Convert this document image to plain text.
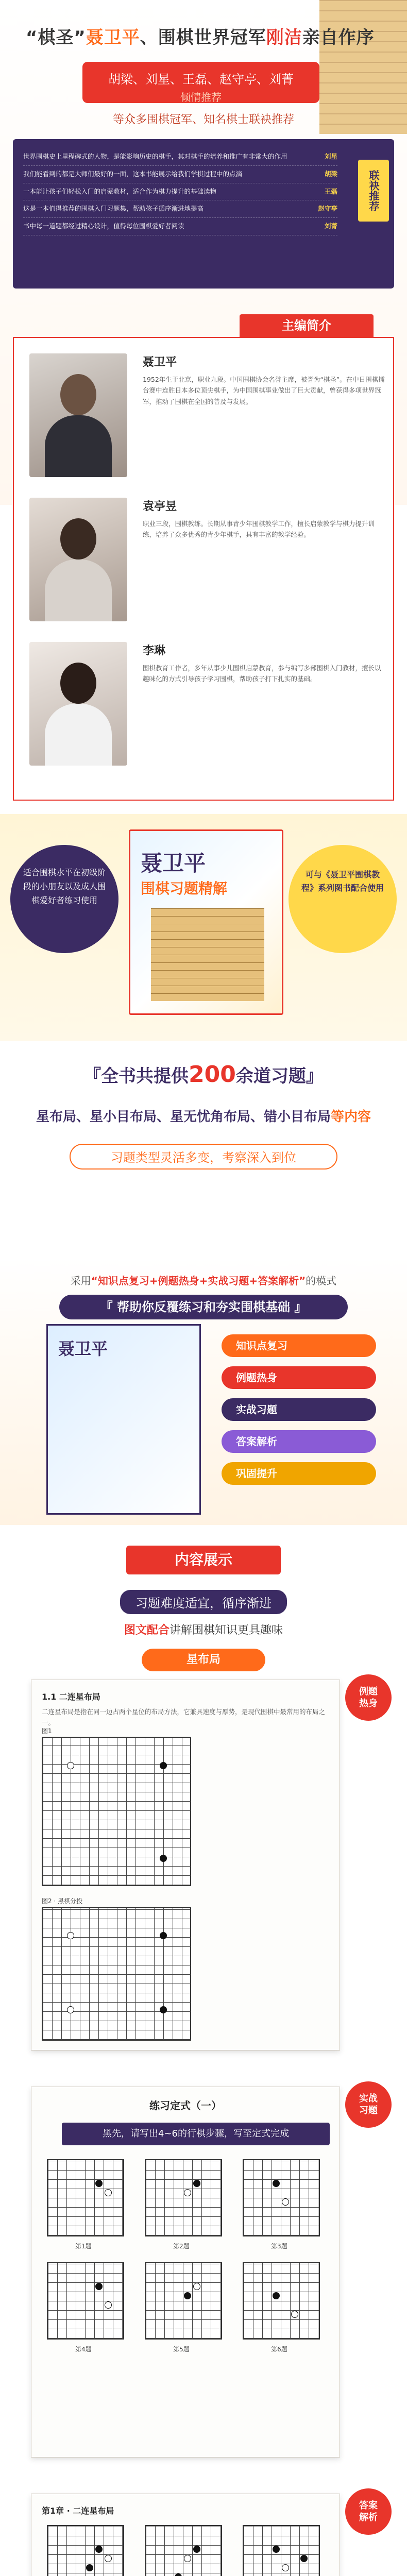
“棋圣”聂卫平、围棋世界冠军刚洁亲自作序
胡梁、刘星、王磊、赵守亭、刘菁
倾情推荐
等众多围棋冠军、知名棋士联袂推荐
世界围棋史上里程碑式的人物，是能影响历史的棋手，其对棋手的培养和推广有非常大的作用	刘星
我们能看到的都是大师们最好的一面，这本书能展示给我们学棋过程中的点滴	胡梁
一本能让孩子们轻松入门的启蒙教材，适合作为棋力提升的基础读物	王磊
这是一本值得推荐的围棋入门习题集，帮助孩子循序渐进地提高	赵守亭
书中每一道题都经过精心设计，值得每位围棋爱好者阅读	刘菁
联袂推荐
主编简介
聂卫平
1952年生于北京，职业九段。中国围棋协会名誉主席，被誉为“棋圣”。在中日围棋擂台赛中连胜日本多位顶尖棋手，为中国围棋事业做出了巨大贡献，曾获得多项世界冠军，推动了围棋在全国的普及与发展。
袁亭昱
职业三段，围棋教练。长期从事青少年围棋教学工作，擅长启蒙教学与棋力提升训练，培养了众多优秀的青少年棋手，具有丰富的教学经验。
李琳
围棋教育工作者，多年从事少儿围棋启蒙教育，参与编写多部围棋入门教材，擅长以趣味化的方式引导孩子学习围棋，帮助孩子打下扎实的基础。
适合围棋水平在初级阶段的小朋友以及成人围棋爱好者练习使用
聂卫平
围棋习题精解
可与《聂卫平围棋教程》系列图书配合使用
『全书共提供200余道习题』
星布局、星小目布局、星无忧角布局、错小目布局等内容
习题类型灵活多变，考察深入到位
采用“知识点复习+例题热身+实战习题+答案解析”的模式
『 帮助你反覆练习和夯实围棋基础 』
聂卫平	知识点复习
例题热身
实战习题
答案解析
巩固提升
内容展示
习题难度适宜，循序渐进
图文配合讲解围棋知识更具趣味
星布局
1.1 二连星布局
二连星布局是指在同一边占两个星位的布局方法，它兼具速度与厚势，是现代围棋中最常用的布局之一。
图1
图2 · 黑棋分投
例题
热身
练习定式（一）
第1题	第2题	第3题
第4题	第5题	第6题
黑先，请写出4~6的行棋步骤，写至定式完成
实战
习题
第1章 · 二连星布局	答案
解析
